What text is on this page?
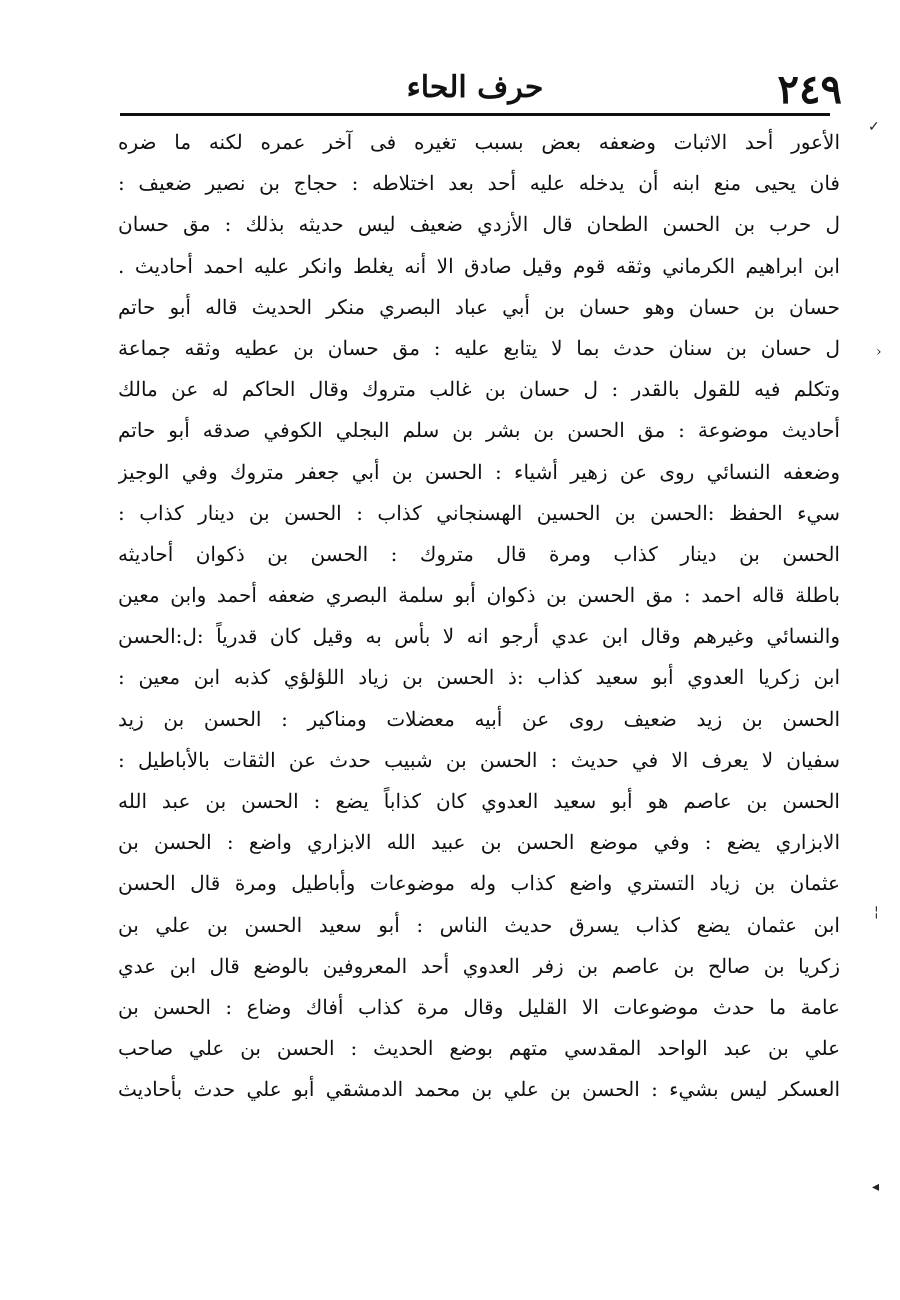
٢٤٩
حرف الحاء
الأعور أحد الاثبات وضعفه بعض بسبب تغيره فى آخر عمره لكنه ما ضره
فان يحيى منع ابنه أن يدخله عليه أحد بعد اختلاطه : حجاج بن نصير ضعيف :
ل حرب بن الحسن الطحان قال الأزدي ضعيف ليس حديثه بذلك : مق حسان
ابن ابراهيم الكرماني وثقه قوم وقيل صادق الا أنه يغلط وانكر عليه احمد أحاديث .
حسان بن حسان وهو حسان بن أبي عباد البصري منكر الحديث قاله أبو حاتم
ل حسان بن سنان حدث بما لا يتابع عليه : مق حسان بن عطيه وثقه جماعة
وتكلم فيه للقول بالقدر : ل حسان بن غالب متروك وقال الحاكم له عن مالك
أحاديث موضوعة : مق الحسن بن بشر بن سلم البجلي الكوفي صدقه أبو حاتم
وضعفه النسائي روى عن زهير أشياء : الحسن بن أبي جعفر متروك وفي الوجيز
سيء الحفظ :الحسن بن الحسين الهسنجاني كذاب : الحسن بن دينار كذاب :
الحسن بن دينار كذاب ومرة قال متروك : الحسن بن ذكوان أحاديثه
باطلة قاله احمد : مق الحسن بن ذكوان أبو سلمة البصري ضعفه أحمد وابن معين
والنسائي وغيرهم وقال ابن عدي أرجو انه لا بأس به وقيل كان قدرياً :ل:الحسن
ابن زكريا العدوي أبو سعيد كذاب :ذ الحسن بن زياد اللؤلؤي كذبه ابن معين :
الحسن بن زيد ضعيف روى عن أبيه معضلات ومناكير : الحسن بن زيد
سفيان لا يعرف الا في حديث : الحسن بن شبيب حدث عن الثقات بالأباطيل :
الحسن بن عاصم هو أبو سعيد العدوي كان كذاباً يضع : الحسن بن عبد الله
الابزاري يضع : وفي موضع الحسن بن عبيد الله الابزاري واضع : الحسن بن
عثمان بن زياد التستري واضع كذاب وله موضوعات وأباطيل ومرة قال الحسن
ابن عثمان يضع كذاب يسرق حديث الناس : أبو سعيد الحسن بن علي بن
زكريا بن صالح بن عاصم بن زفر العدوي أحد المعروفين بالوضع قال ابن عدي
عامة ما حدث موضوعات الا القليل وقال مرة كذاب أفاك وضاع : الحسن بن
علي بن عبد الواحد المقدسي متهم بوضع الحديث : الحسن بن علي صاحب
العسكر ليس بشيء : الحسن بن علي بن محمد الدمشقي أبو علي حدث بأحاديث
✓
›
¦
◂
